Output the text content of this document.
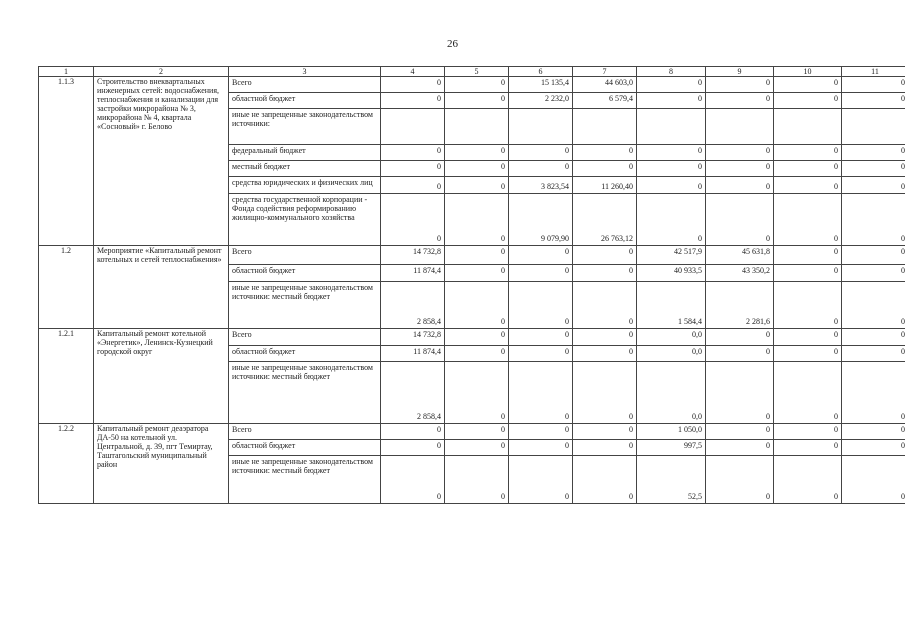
26
1	2	3	4	5	6	7	8	9	10	11
1.1.3	Строительство внеквартальных инженерных сетей: водоснабжения, теплоснабжения и канализации для застройки микрорайона № 3, микрорайона № 4, квартала «Сосновый» г. Белово	Всего	0	0	15 135,4	44 603,0	0	0	0	0
		областной бюджет	0	0	2 232,0	6 579,4	0	0	0	0
		иные не запрещенные законодательством источники:								
		федеральный бюджет	0	0	0	0	0	0	0	0
		местный бюджет	0	0	0	0	0	0	0	0
		средства юридических и физических лиц	0	0	3 823,54	11 260,40	0	0	0	0
		средства государственной корпорации - Фонда содействия реформированию жилищно-коммунального хозяйства	0	0	9 079,90	26 763,12	0	0	0	0
1.2	Мероприятие «Капитальный ремонт котельных и сетей теплоснабжения»	Всего	14 732,8	0	0	0	42 517,9	45 631,8	0	0
		областной бюджет	11 874,4	0	0	0	40 933,5	43 350,2	0	0
		иные не запрещенные законодательством источники: местный бюджет	2 858,4	0	0	0	1 584,4	2 281,6	0	0
1.2.1	Капитальный ремонт котельной «Энергетик», Ленинск-Кузнецкий городской округ	Всего	14 732,8	0	0	0	0,0	0	0	0
		областной бюджет	11 874,4	0	0	0	0,0	0	0	0
		иные не запрещенные законодательством источники: местный бюджет	2 858,4	0	0	0	0,0	0	0	0
1.2.2	Капитальный ремонт деаэратора ДА-50 на котельной ул. Центральной, д. 39, пгт Темиртау, Таштагольский муниципальный район	Всего	0	0	0	0	1 050,0	0	0	0
		областной бюджет	0	0	0	0	997,5	0	0	0
		иные не запрещенные законодательством источники: местный бюджет	0	0	0	0	52,5	0	0	0
